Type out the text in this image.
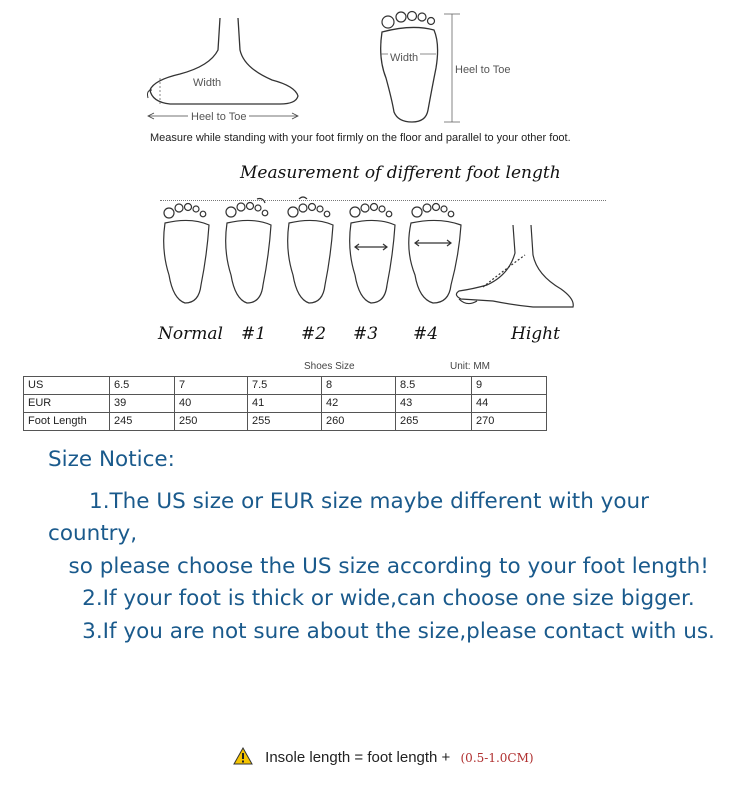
Width
Heel to Toe
Width
Heel to Toe
Measure while standing with your foot firmly on the floor and parallel to your other foot.
Measurement of different foot length
Normal #1 #2 #3 #4	Hight
Shoes Size	Unit: MM
US	6.5	7	7.5	8	8.5	9
EUR	39	40	41	42	43	44
Foot Length	245	250	255	260	265	270

Size Notice:

1.The US size or EUR size maybe different with your country,

so please choose the US size according to your foot length!

2.If your foot is thick or wide,can choose one size bigger.

3.If you are not sure about the size,please contact with us.

Insole length = foot length + (0.5-1.0CM)
